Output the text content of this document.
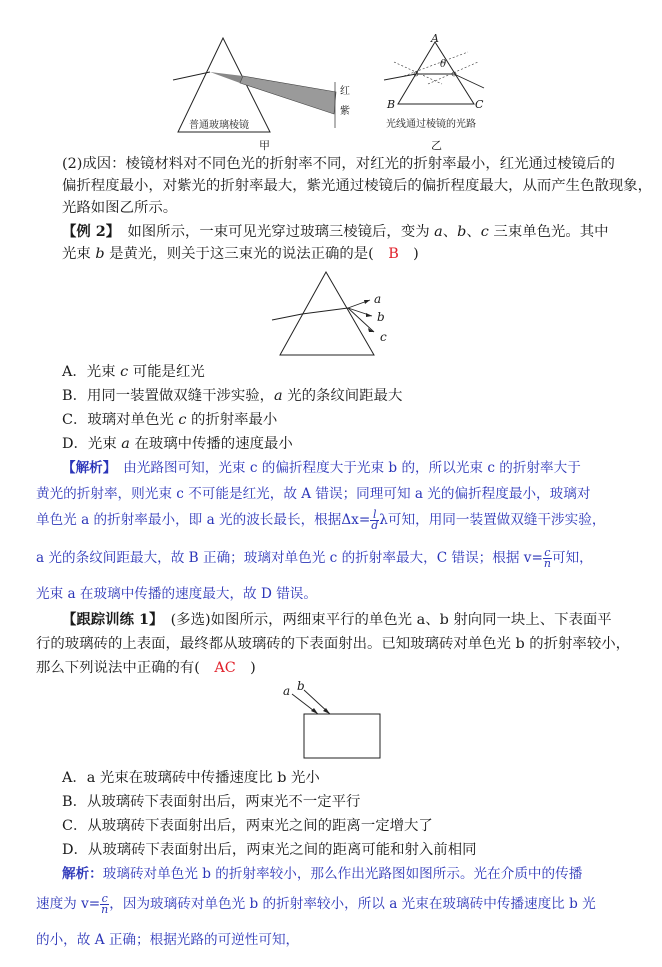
红
紫
普通玻璃棱镜
甲
A
θ
B	C
光线通过棱镜的光路
乙
(2)成因：棱镜材料对不同色光的折射率不同，对红光的折射率最小，红光通过棱镜后的
偏折程度最小，对紫光的折射率最大，紫光通过棱镜后的偏折程度最大，从而产生色散现象，
光路如图乙所示。
【例 2】　如图所示，一束可见光穿过玻璃三棱镜后，变为 a、b、c 三束单色光。其中
光束 b 是黄光，则关于这三束光的说法正确的是(　B　)
a
b
c
A．光束 c 可能是红光
B．用同一装置做双缝干涉实验，a 光的条纹间距最大
C．玻璃对单色光 c 的折射率最小
D．光束 a 在玻璃中传播的速度最小
【解析】　由光路图可知，光束 c 的偏折程度大于光束 b 的，所以光束 c 的折射率大于
黄光的折射率，则光束 c 不可能是红光，故 A 错误；同理可知 a 光的偏折程度最小，玻璃对
单色光 a 的折射率最小，即 a 光的波长最长，根据$\Delta x= \frac{l}{d}$ λ可知，用同一装置做双缝干涉实验，
a 光的条纹间距最大，故 B 正确；玻璃对单色光 c 的折射率最大，C 错误；根据 $v= \frac{c}{n}$ 可知，
光束 a 在玻璃中传播的速度最大，故 D 错误。
【跟踪训练 1】　(多选)如图所示，两细束平行的单色光 a、b 射向同一块上、下表面平
行的玻璃砖的上表面，最终都从玻璃砖的下表面射出。已知玻璃砖对单色光 b 的折射率较小，
那么下列说法中正确的有(　AC　)
a b
A．a 光束在玻璃砖中传播速度比 b 光小
B．从玻璃砖下表面射出后，两束光不一定平行
C．从玻璃砖下表面射出后，两束光之间的距离一定增大了
D．从玻璃砖下表面射出后，两束光之间的距离可能和射入前相同
解析：玻璃砖对单色光 b 的折射率较小，那么作出光路图如图所示。光在介质中的传播
速度为 $v= \frac{c}{n}$ ，因为玻璃砖对单色光 b 的折射率较小，所以 a 光束在玻璃砖中传播速度比 b 光
的小，故 A 正确；根据光路的可逆性可知，
